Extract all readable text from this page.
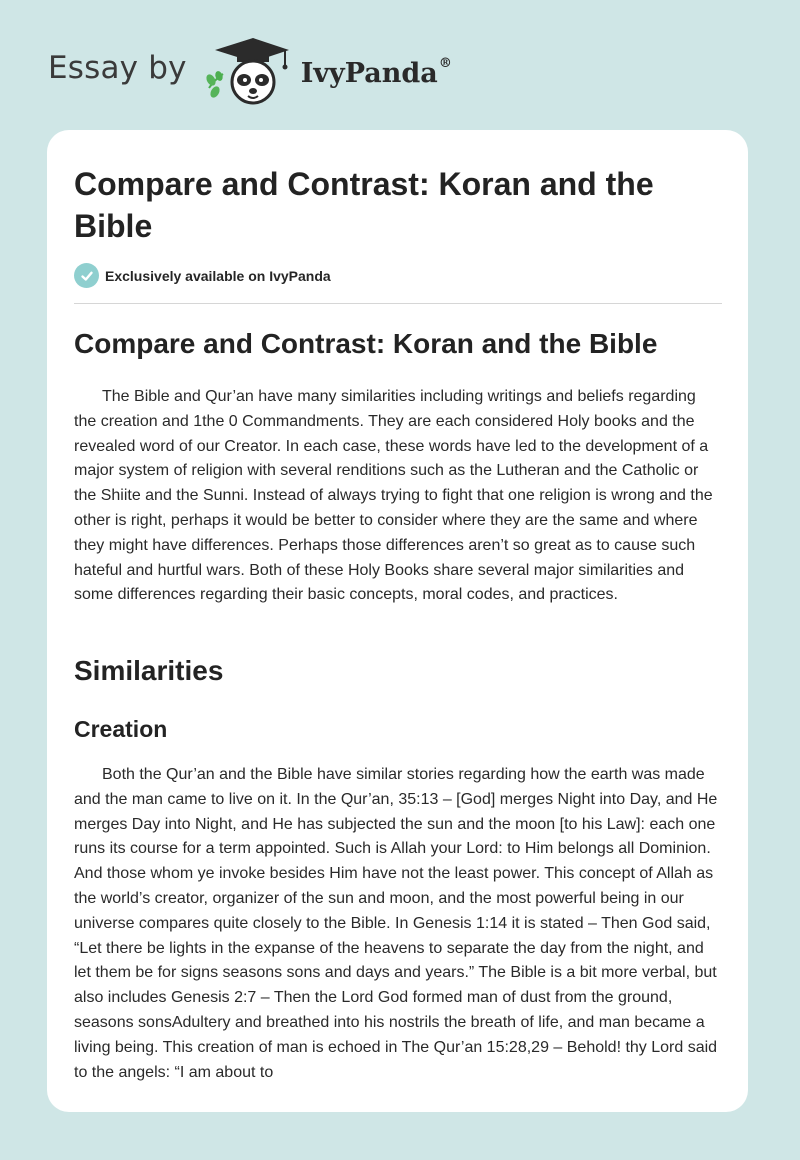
Essay by	IvyPanda®
Compare and Contrast: Koran and the Bible
Exclusively available on IvyPanda
Compare and Contrast: Koran and the Bible

The Bible and Qur’an have many similarities including writings and beliefs regarding the creation and 1the 0 Commandments. They are each considered Holy books and the revealed word of our Creator. In each case, these words have led to the development of a major system of religion with several renditions such as the Lutheran and the Catholic or the Shiite and the Sunni. Instead of always trying to fight that one religion is wrong and the other is right, perhaps it would be better to consider where they are the same and where they might have differences. Perhaps those differences aren’t so great as to cause such hateful and hurtful wars. Both of these Holy Books share several major similarities and some differences regarding their basic concepts, moral codes, and practices.

Similarities
Creation

Both the Qur’an and the Bible have similar stories regarding how the earth was made and the man came to live on it. In the Qur’an, 35:13 – [God] merges Night into Day, and He merges Day into Night, and He has subjected the sun and the moon [to his Law]: each one runs its course for a term appointed. Such is Allah your Lord: to Him belongs all Dominion. And those whom ye invoke besides Him have not the least power. This concept of Allah as the world’s creator, organizer of the sun and moon, and the most powerful being in our universe compares quite closely to the Bible. In Genesis 1:14 it is stated – Then God said, “Let there be lights in the expanse of the heavens to separate the day from the night, and let them be for signs seasons sons and days and years.” The Bible is a bit more verbal, but also includes Genesis 2:7 – Then the Lord God formed man of dust from the ground, seasons sonsAdultery and breathed into his nostrils the breath of life, and man became a living being. This creation of man is echoed in The Qur’an 15:28,29 – Behold! thy Lord said to the angels: “I am about to
